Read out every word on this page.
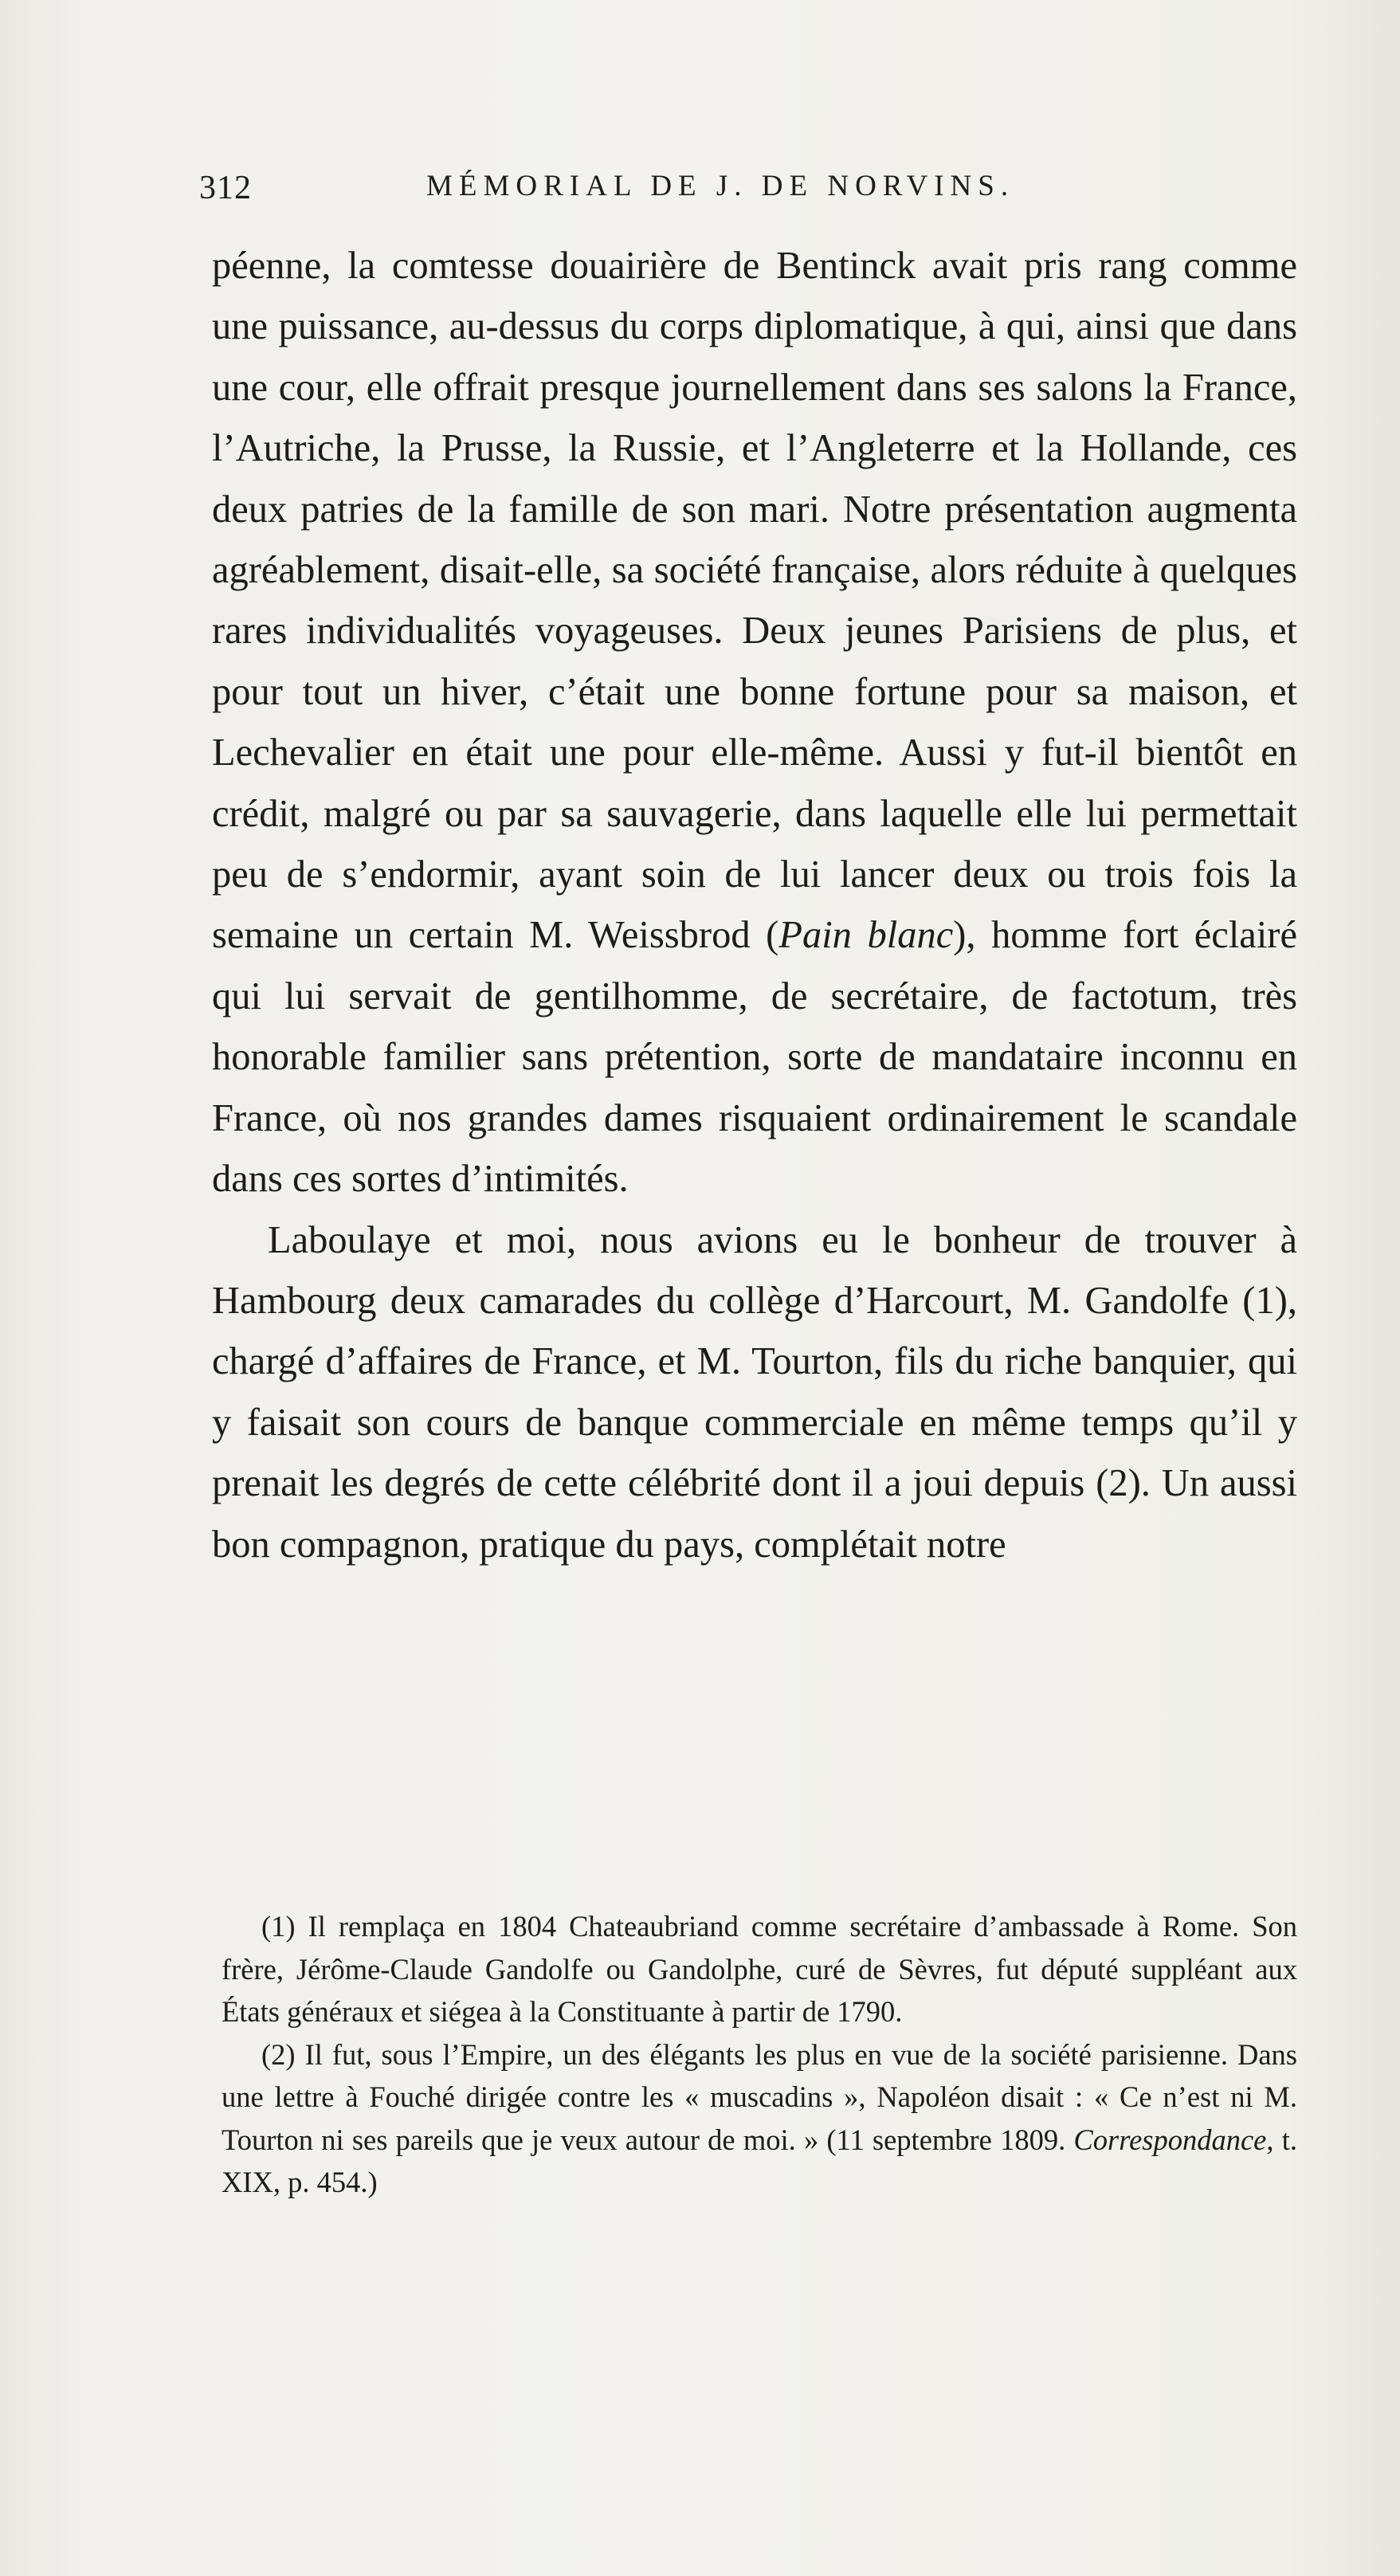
312	MÉMORIAL DE J. DE NORVINS.

péenne, la comtesse douairière de Bentinck avait pris rang comme une puissance, au-dessus du corps diplomatique, à qui, ainsi que dans une cour, elle offrait presque journellement dans ses salons la France, l’Autriche, la Prusse, la Russie, et l’Angleterre et la Hollande, ces deux patries de la famille de son mari. Notre présentation augmenta agréablement, disait-elle, sa société française, alors réduite à quelques rares individualités voyageuses. Deux jeunes Parisiens de plus, et pour tout un hiver, c’était une bonne fortune pour sa maison, et Lechevalier en était une pour elle-même. Aussi y fut-il bientôt en crédit, malgré ou par sa sauvagerie, dans laquelle elle lui permettait peu de s’endormir, ayant soin de lui lancer deux ou trois fois la semaine un certain M. Weissbrod (Pain blanc), homme fort éclairé qui lui servait de gentilhomme, de secrétaire, de factotum, très honorable familier sans prétention, sorte de mandataire inconnu en France, où nos grandes dames risquaient ordinairement le scandale dans ces sortes d’intimités.

Laboulaye et moi, nous avions eu le bonheur de trouver à Hambourg deux camarades du collège d’Harcourt, M. Gandolfe (1), chargé d’affaires de France, et M. Tourton, fils du riche banquier, qui y faisait son cours de banque commerciale en même temps qu’il y prenait les degrés de cette célébrité dont il a joui depuis (2). Un aussi bon compagnon, pratique du pays, complétait notre

(1) Il remplaça en 1804 Chateaubriand comme secrétaire d’ambassade à Rome. Son frère, Jérôme-Claude Gandolfe ou Gandolphe, curé de Sèvres, fut député suppléant aux États généraux et siégea à la Constituante à partir de 1790.

(2) Il fut, sous l’Empire, un des élégants les plus en vue de la société parisienne. Dans une lettre à Fouché dirigée contre les « muscadins », Napoléon disait : « Ce n’est ni M. Tourton ni ses pareils que je veux autour de moi. » (11 septembre 1809. Correspondance, t. XIX, p. 454.)
